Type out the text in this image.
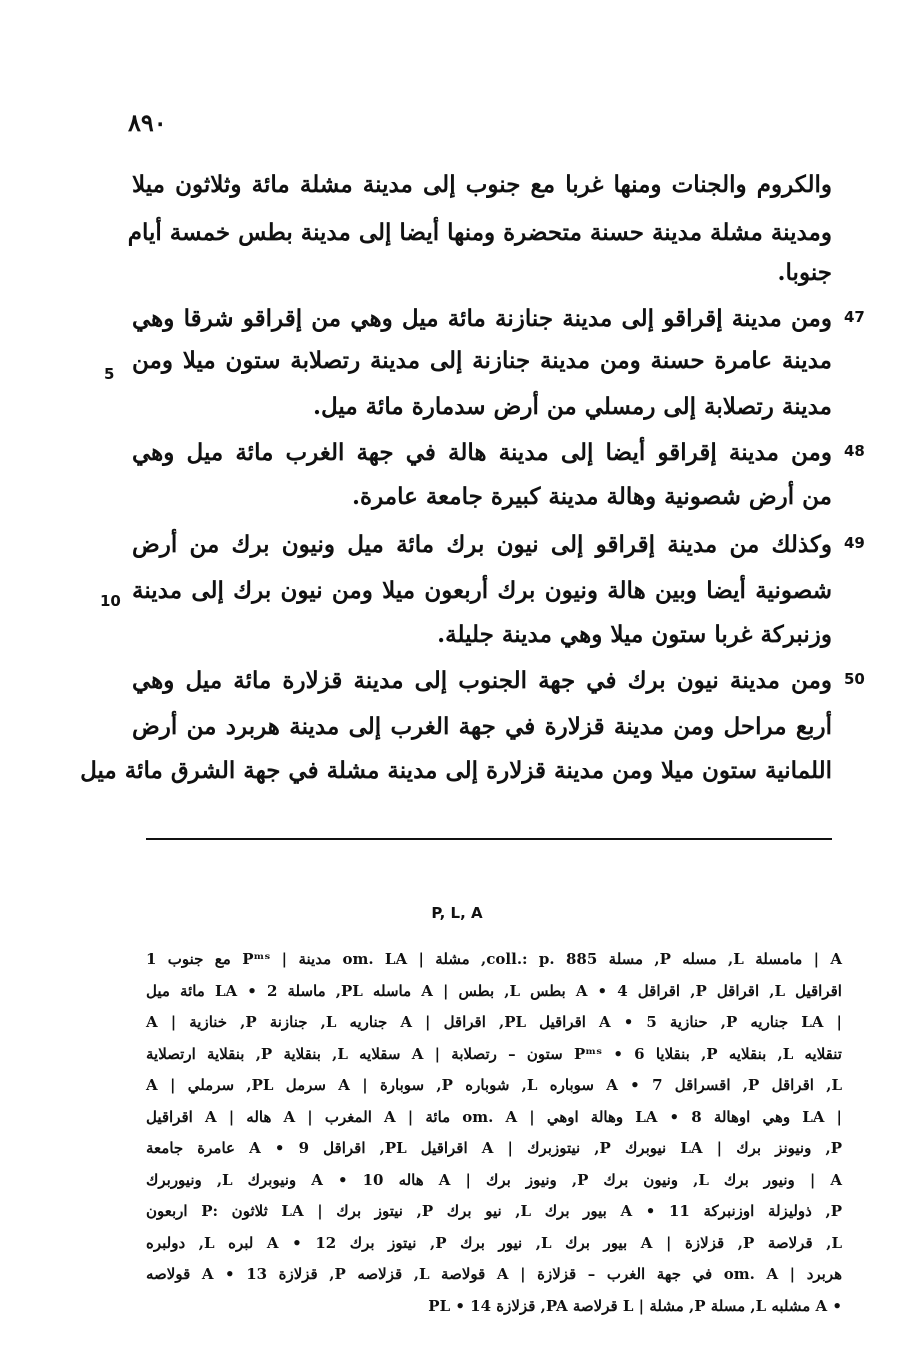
٨٩٠
والكروم والجنات ومنها غربا مع جنوب إلى مدينة مشلة مائة وثلاثون ميلا
ومدينة مشلة مدينة حسنة متحضرة ومنها أيضا إلى مدينة بطس خمسة أيام
جنوبا.
47
ومن مدينة إقراقو إلى مدينة جنازنة مائة ميل وهي من إقراقو شرقا وهي
مدينة عامرة حسنة ومن مدينة جنازنة إلى مدينة رتصلابة ستون ميلا ومن
مدينة رتصلابة إلى رمسلي من أرض سدمارة مائة ميل.
48
ومن مدينة إقراقو أيضا إلى مدينة هالة في جهة الغرب مائة ميل وهي
من أرض شصونية وهالة مدينة كبيرة جامعة عامرة.
49
وكذلك من مدينة إقراقو إلى نيون برك مائة ميل ونيون برك من أرض
شصونية أيضا وبين هالة ونيون برك أربعون ميلا ومن نيون برك إلى مدينة
وزنبركة غربا ستون ميلا وهي مدينة جليلة.
50
ومن مدينة نيون برك في جهة الجنوب إلى مدينة قزلارة مائة ميل وهي
أربع مراحل ومن مدينة قزلارة في جهة الغرب إلى مدينة هربرد من أرض
اللمانية ستون ميلا ومن مدينة قزلارة إلى مدينة مشلة في جهة الشرق مائة ميل
5
10
P, L, A
A | مامسلة L, مسله P, مسلة coll.: p. 885, مشلة | om. LA مدينة | Pᵐˢ مع جنوب 1
اقراقيل L, اقراقل P, اقراقل 4 • A بطس L, بطس | A ماسله PL, ماسلة 2 • LA مائة ميل
| LA جناريه P, حنازية 5 • A اقراقيل PL, اقراقل | A جناريه L, جنازنة P, خنازية | A
تنقلايه L, بنقلايه P, بنقلايا 6 • Pᵐˢ ستون – رتصلابة | A سقلايه L, بنقلاية P, بنقلاية ارتصلاية
L, اقراقل P, اقسراقل 7 • A سوباره L, شوباره P, سوبارة | A سرمل PL, سرملي | A
| LA وهي اوهالة 8 • LA وهالة اوهي | om. A مائة | A المغرب | A هاله | A اقراقيل
P, ونيونز برك | LA نيوبرك P, نيتوزبرك | A اقراقيل PL, اقراقل 9 • A عامرة جامعة
A | ونيور برك L, ونيون برك P, ونيوز برك | A هاله 10 • A ونيوبرك L, ونيوربرك
P, ذوليزلة اوزنبركة 11 • A بيور برك L, نيو برك P, نيتوز برك | LA ثلاثون :P اربعون
L, قرلاصة P, قزلازة | A بيور برك L, نيور برك P, نيتوز برك 12 • A لبره L, دولبره
هربرد | om. A في جهة الغرب – قزلازة | A قولاصة L, قزلاصه P, قزلازة 13 • A قولاصه
• A مشلبه L, مسلة P, مشلة | L قرلاصة PA, قزلازة 14 • PL
